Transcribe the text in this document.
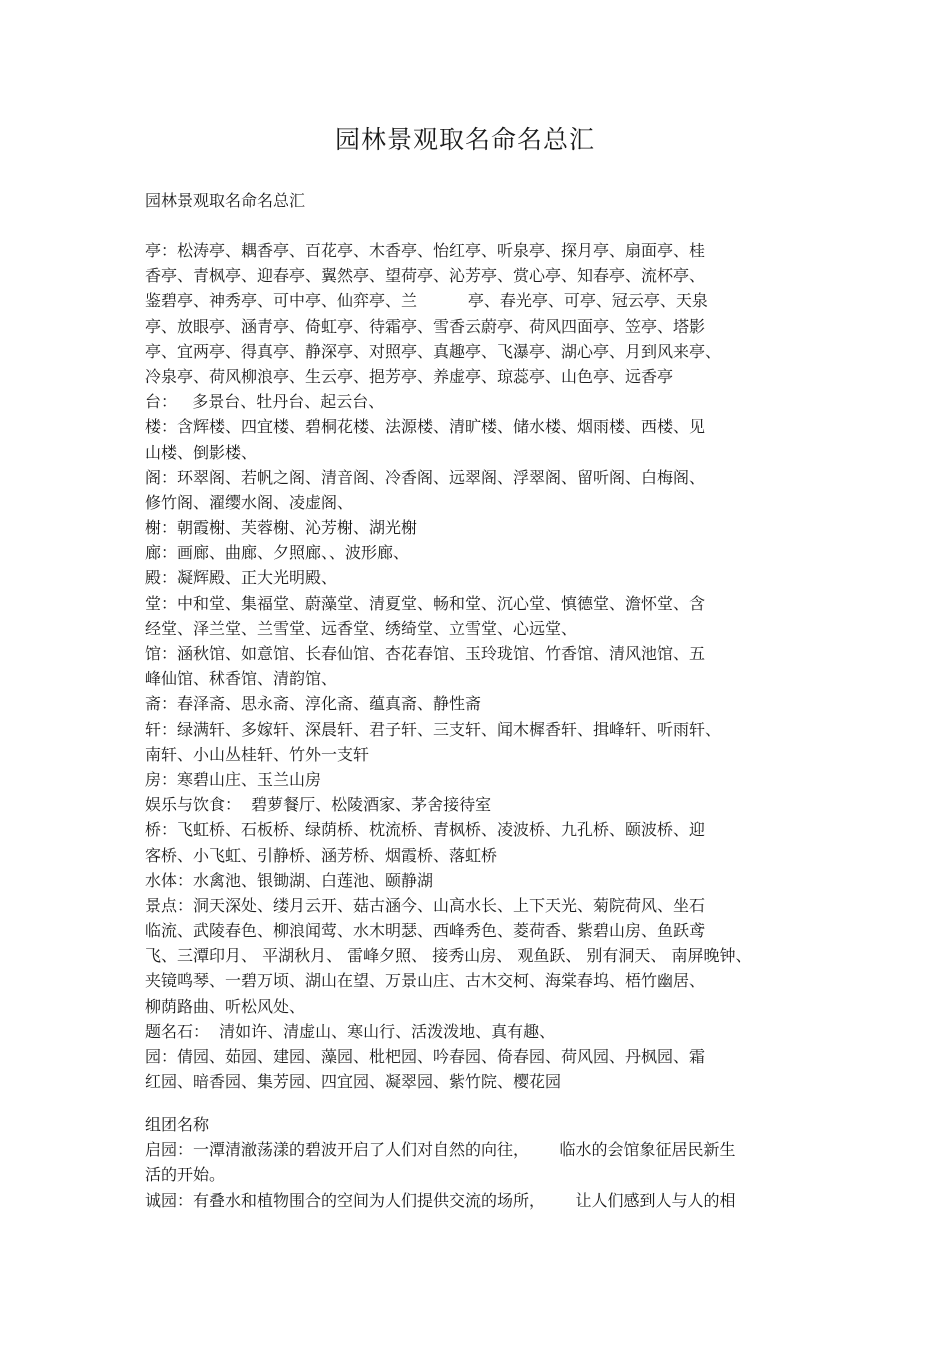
园林景观取名命名总汇
园林景观取名命名总汇
亭：松涛亭、耦香亭、百花亭、木香亭、怡红亭、听泉亭、探月亭、扇面亭、桂
香亭、青枫亭、迎春亭、翼然亭、望荷亭、沁芳亭、赏心亭、知春亭、流杯亭、
鉴碧亭、神秀亭、可中亭、仙弈亭、兰          亭、春光亭、可亭、冠云亭、天泉
亭、放眼亭、涵青亭、倚虹亭、待霜亭、雪香云蔚亭、荷风四面亭、笠亭、塔影
亭、宜两亭、得真亭、静深亭、对照亭、真趣亭、飞瀑亭、湖心亭、月到风来亭、
冷泉亭、荷风柳浪亭、生云亭、挹芳亭、养虚亭、琼蕊亭、山色亭、远香亭
台：   多景台、牡丹台、起云台、
楼：含辉楼、四宜楼、碧桐花楼、法源楼、清旷楼、储水楼、烟雨楼、西楼、见
山楼、倒影楼、
阁：环翠阁、若帆之阁、清音阁、冷香阁、远翠阁、浮翠阁、留听阁、白梅阁、
修竹阁、濯缨水阁、凌虚阁、
榭：朝霞榭、芙蓉榭、沁芳榭、湖光榭
廊：画廊、曲廊、夕照廊、、波形廊、
殿：凝辉殿、正大光明殿、
堂：中和堂、集福堂、蔚藻堂、清夏堂、畅和堂、沉心堂、慎德堂、澹怀堂、含
经堂、泽兰堂、兰雪堂、远香堂、绣绮堂、立雪堂、心远堂、
馆：涵秋馆、如意馆、长春仙馆、杏花春馆、玉玲珑馆、竹香馆、清风池馆、五
峰仙馆、秫香馆、清韵馆、
斋：春泽斋、思永斋、淳化斋、蕴真斋、静性斋
轩：绿满轩、多嫁轩、深晨轩、君子轩、三支轩、闻木樨香轩、揖峰轩、听雨轩、
南轩、小山丛桂轩、竹外一支轩
房：寒碧山庄、玉兰山房
娱乐与饮食：  碧萝餐厅、松陵酒家、茅舍接待室
桥：飞虹桥、石板桥、绿荫桥、枕流桥、青枫桥、凌波桥、九孔桥、颐波桥、迎
客桥、小飞虹、引静桥、涵芳桥、烟霞桥、落虹桥
水体：水禽池、银锄湖、白莲池、颐静湖
景点：洞天深处、缕月云开、菇古涵今、山高水长、上下天光、菊院荷风、坐石
临流、武陵春色、柳浪闻莺、水木明瑟、西峰秀色、菱荷香、紫碧山房、鱼跃鸢
飞、三潭印月、 平湖秋月、 雷峰夕照、 接秀山房、 观鱼跃、 别有洞天、 南屏晚钟、
夹镜鸣琴、一碧万顷、湖山在望、万景山庄、古木交柯、海棠春坞、梧竹幽居、
柳荫路曲、听松风处、
题名石：  清如许、清虚山、寒山行、活泼泼地、真有趣、
园：倩园、茹园、建园、藻园、枇杷园、吟春园、倚春园、荷风园、丹枫园、霜
红园、暗香园、集芳园、四宜园、凝翠园、紫竹院、樱花园
组团名称
启园：一潭清澈荡漾的碧波开启了人们对自然的向往，      临水的会馆象征居民新生
活的开始。
诚园：有叠水和植物围合的空间为人们提供交流的场所，      让人们感到人与人的相
